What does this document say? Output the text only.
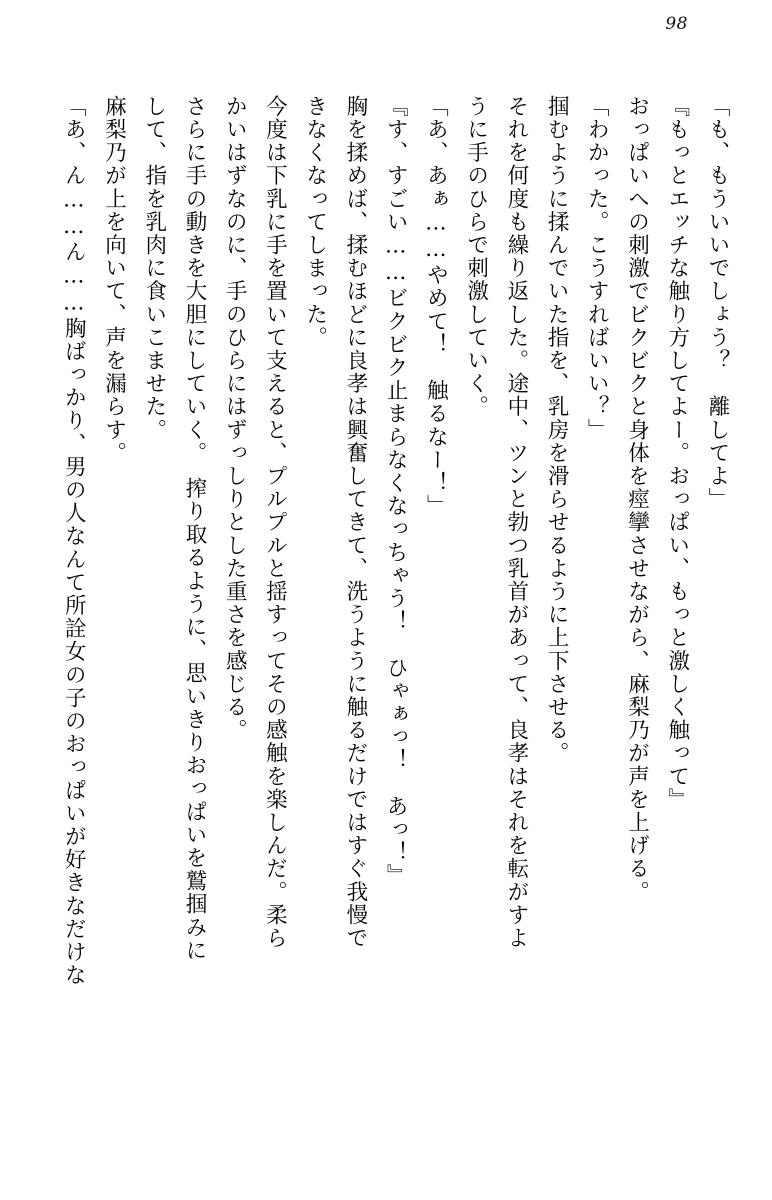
98
「も、もういいでしょう？　離してよ」
『もっとエッチな触り方してよー。おっぱい、もっと激しく触って』
おっぱいへの刺激でビクビクと身体を痙攣させながら、麻梨乃が声を上げる。
「わかった。こうすればいい？」
掴むように揉んでいた指を、乳房を滑らせるように上下させる。
それを何度も繰り返した。途中、ツンと勃つ乳首があって、良孝はそれを転がすよ
うに手のひらで刺激していく。
「あ、あぁ……やめて！　触るなー！」
『す、すごい……ビクビク止まらなくなっちゃう！　ひゃぁっ！　あっ！』
胸を揉めば、揉むほどに良孝は興奮してきて、洗うように触るだけではすぐ我慢で
きなくなってしまった。
今度は下乳に手を置いて支えると、プルプルと揺すってその感触を楽しんだ。柔ら
かいはずなのに、手のひらにはずっしりとした重さを感じる。
さらに手の動きを大胆にしていく。　搾り取るように、思いきりおっぱいを鷲掴みに
して、指を乳肉に食いこませた。
麻梨乃が上を向いて、声を漏らす。
「あ、ん……ん……胸ばっかり、男の人なんて所詮女の子のおっぱいが好きなだけな
